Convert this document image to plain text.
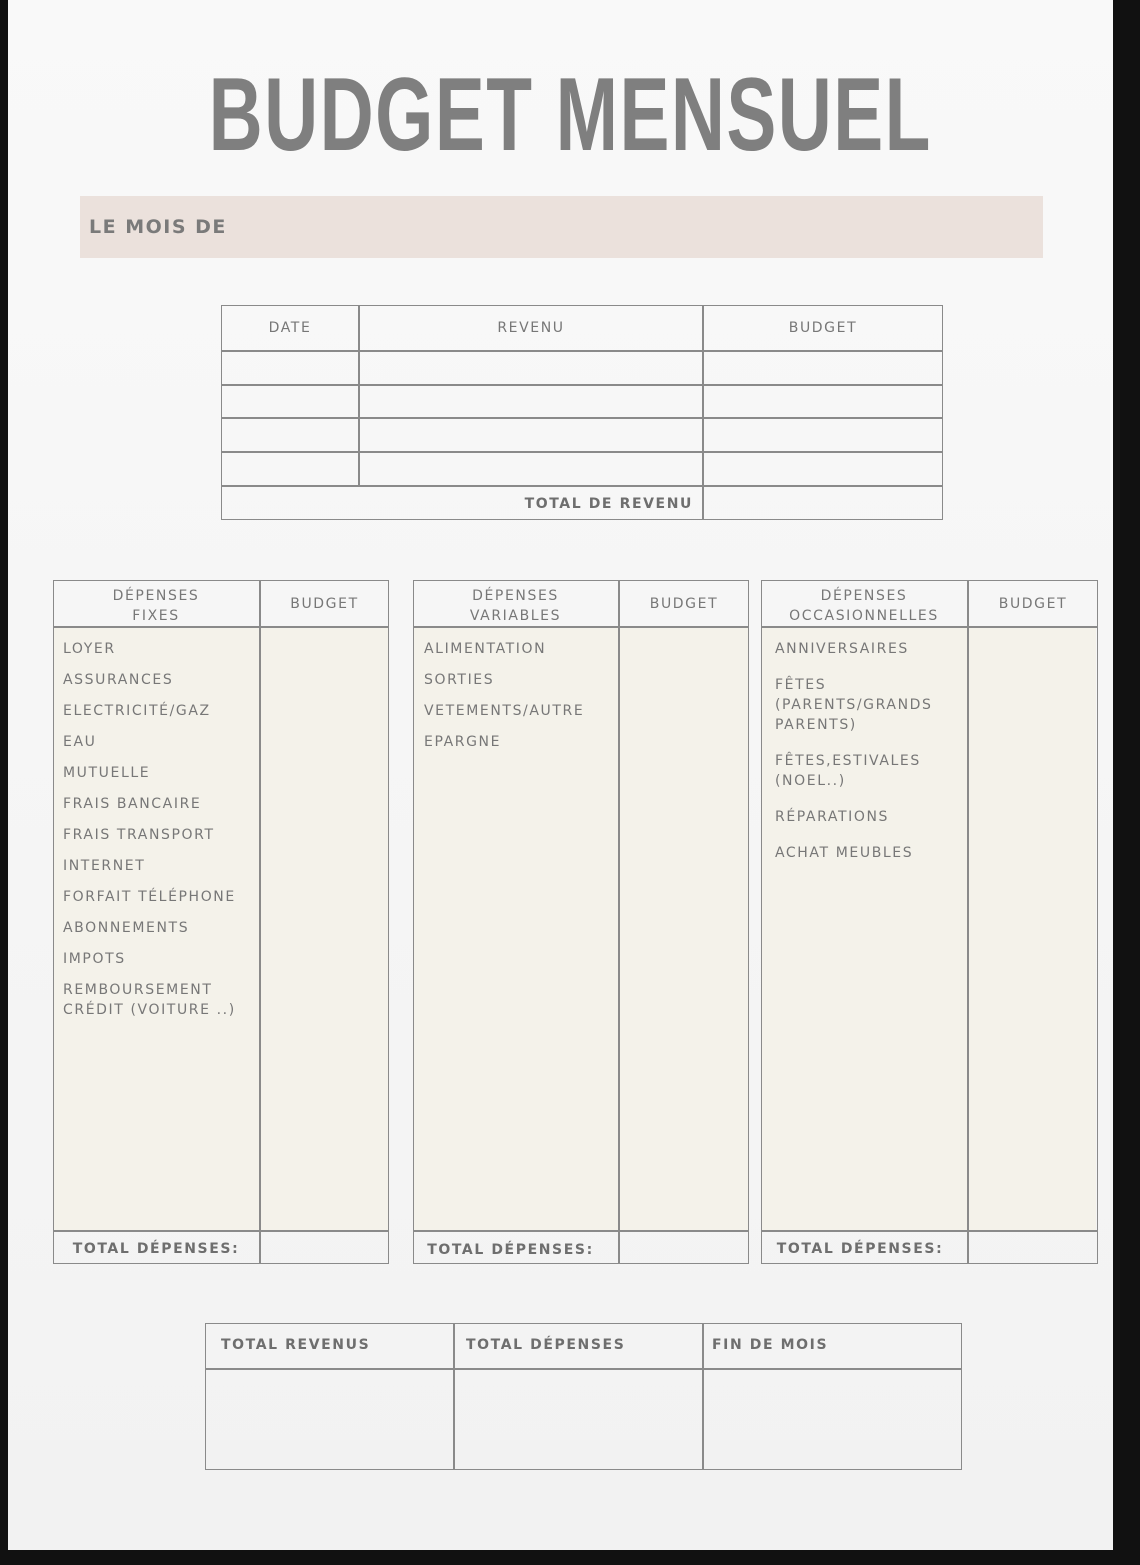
BUDGET MENSUEL
LE MOIS DE
DATE	REVENU	BUDGET
TOTAL DE REVENU
DÉPENSES
FIXES
BUDGET
LOYER
ASSURANCES
ELECTRICITÉ/GAZ
EAU
MUTUELLE
FRAIS BANCAIRE
FRAIS TRANSPORT
INTERNET
FORFAIT TÉLÉPHONE
ABONNEMENTS
IMPOTS
REMBOURSEMENT CRÉDIT (VOITURE ..)
TOTAL DÉPENSES:
DÉPENSES
VARIABLES
BUDGET
ALIMENTATION
SORTIES
VETEMENTS/AUTRE
EPARGNE
TOTAL DÉPENSES:
DÉPENSES
OCCASIONNELLES
BUDGET
ANNIVERSAIRES
FÊTES (PARENTS/GRANDS PARENTS)
FÊTES,ESTIVALES (NOEL..)
RÉPARATIONS
ACHAT MEUBLES
TOTAL DÉPENSES:
TOTAL REVENUS	TOTAL DÉPENSES	FIN DE MOIS
